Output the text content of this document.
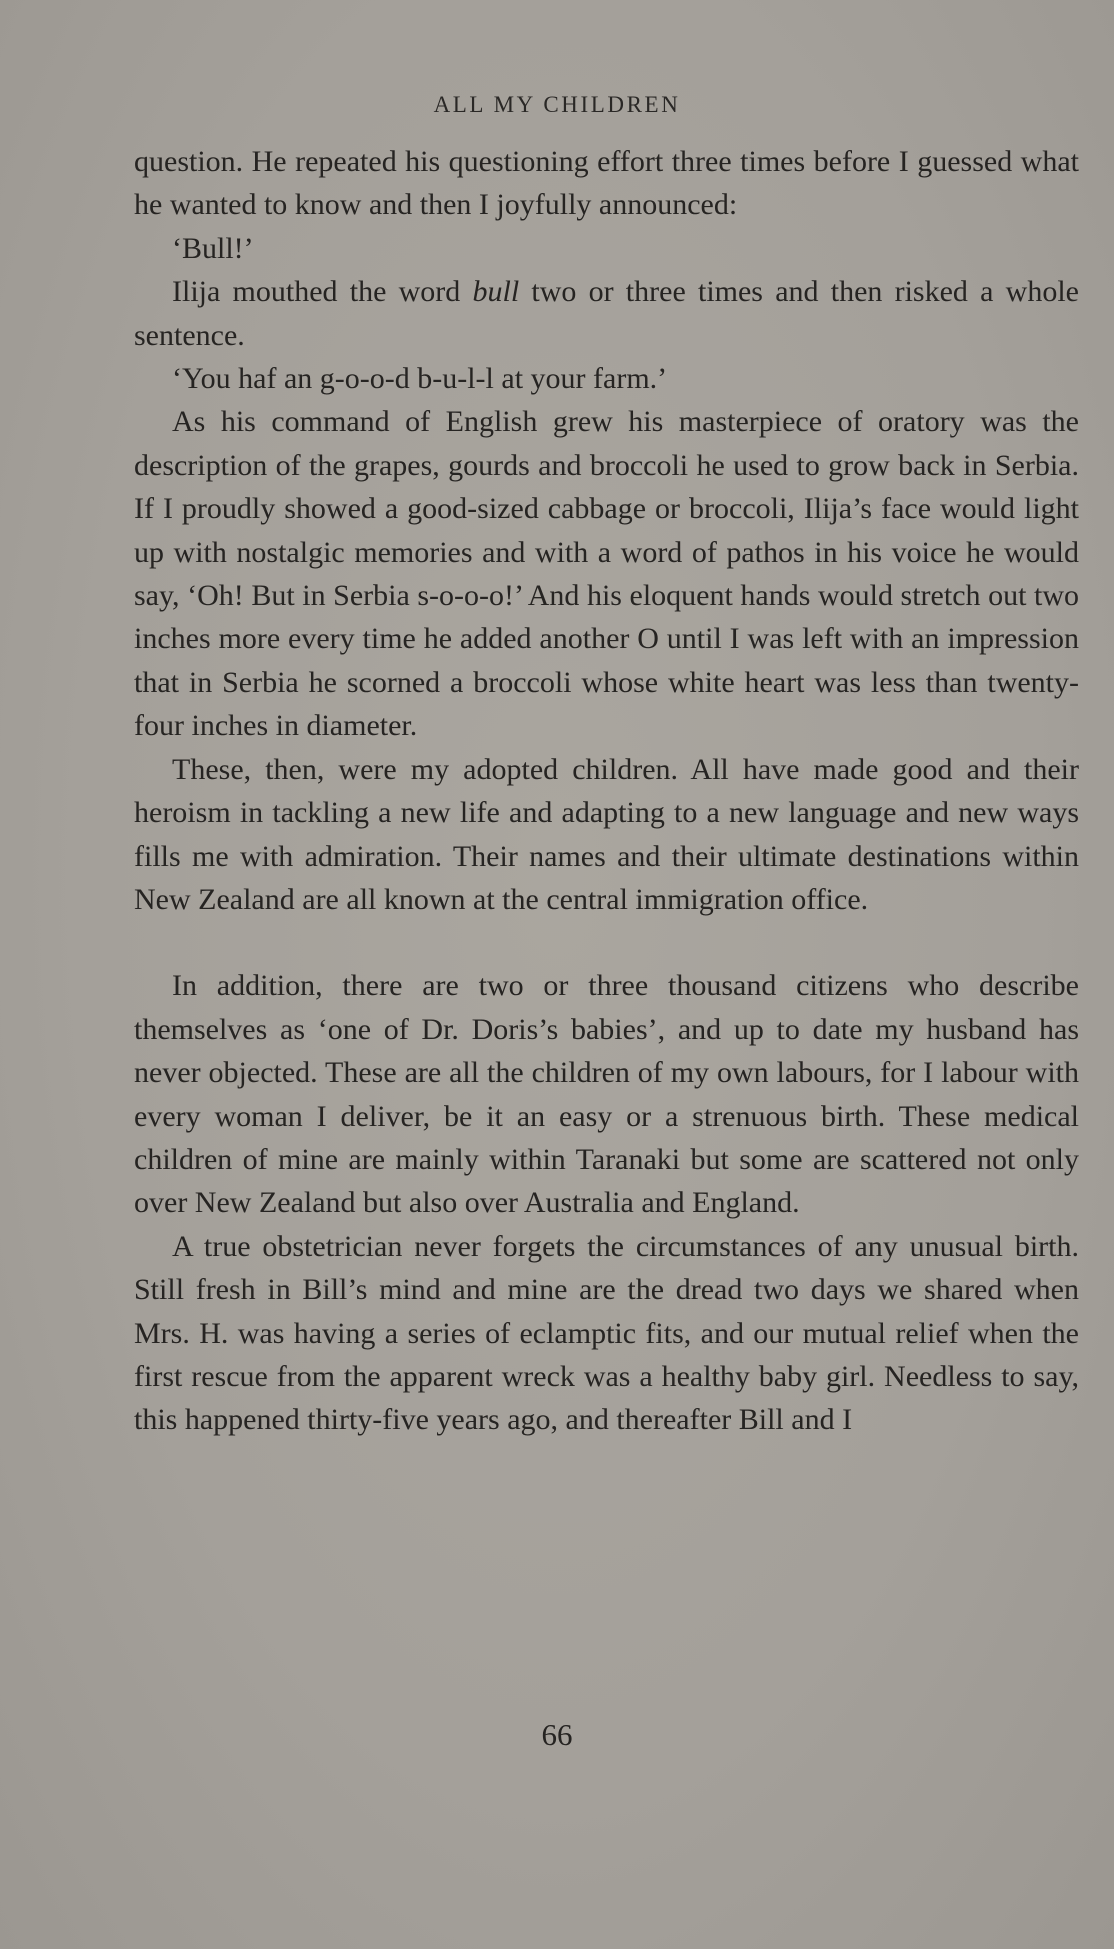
ALL MY CHILDREN

question. He repeated his questioning effort three times before I guessed what he wanted to know and then I joyfully announced:

‘Bull!’

Ilija mouthed the word bull two or three times and then risked a whole sentence.

‘You haf an g-o-o-d b-u-l-l at your farm.’

As his command of English grew his masterpiece of oratory was the description of the grapes, gourds and broccoli he used to grow back in Serbia. If I proudly showed a good-sized cabbage or broccoli, Ilija’s face would light up with nostalgic memories and with a word of pathos in his voice he would say, ‘Oh! But in Serbia s-o-o-o!’ And his eloquent hands would stretch out two inches more every time he added another O until I was left with an impression that in Serbia he scorned a broccoli whose white heart was less than twenty-four inches in diameter.

These, then, were my adopted children. All have made good and their heroism in tackling a new life and adapting to a new language and new ways fills me with admiration. Their names and their ultimate destinations within New Zealand are all known at the central immigration office.

In addition, there are two or three thousand citizens who describe themselves as ‘one of Dr. Doris’s babies’, and up to date my husband has never objected. These are all the children of my own labours, for I labour with every woman I deliver, be it an easy or a strenuous birth. These medical children of mine are mainly within Taranaki but some are scattered not only over New Zealand but also over Australia and England.

A true obstetrician never forgets the circumstances of any unusual birth. Still fresh in Bill’s mind and mine are the dread two days we shared when Mrs. H. was having a series of eclamptic fits, and our mutual relief when the first rescue from the apparent wreck was a healthy baby girl. Needless to say, this happened thirty-five years ago, and thereafter Bill and I

66
